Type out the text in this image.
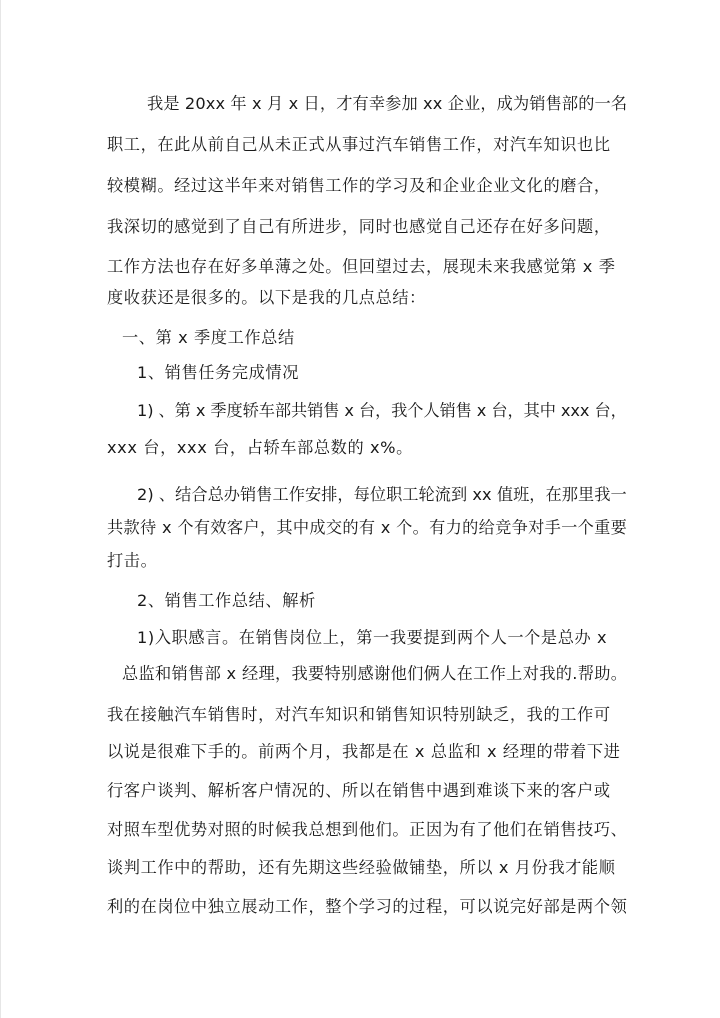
我是 20xx 年 x 月 x 日，才有幸参加 xx 企业，成为销售部的一名
职工，在此从前自己从未正式从事过汽车销售工作，对汽车知识也比
较模糊。经过这半年来对销售工作的学习及和企业企业文化的磨合，
我深切的感觉到了自己有所进步，同时也感觉自己还存在好多问题，
工作方法也存在好多单薄之处。但回望过去，展现未来我感觉第 x 季
度收获还是很多的。以下是我的几点总结：
一、第 x 季度工作总结
1、销售任务完成情况
1) 、第 x 季度轿车部共销售 x 台，我个人销售 x 台，其中 xxx 台，
xxx 台，xxx 台，占轿车部总数的 x%。
2) 、结合总办销售工作安排，每位职工轮流到 xx 值班，在那里我一
共款待 x 个有效客户，其中成交的有 x 个。有力的给竞争对手一个重要
打击。
2、销售工作总结、解析
1)入职感言。在销售岗位上，第一我要提到两个人一个是总办 x
总监和销售部 x 经理，我要特别感谢他们俩人在工作上对我的.帮助。
我在接触汽车销售时，对汽车知识和销售知识特别缺乏，我的工作可
以说是很难下手的。前两个月，我都是在 x 总监和 x 经理的带着下进
行客户谈判、解析客户情况的、所以在销售中遇到难谈下来的客户或
对照车型优势对照的时候我总想到他们。正因为有了他们在销售技巧、
谈判工作中的帮助，还有先期这些经验做铺垫，所以 x 月份我才能顺
利的在岗位中独立展动工作，整个学习的过程，可以说完好部是两个领
